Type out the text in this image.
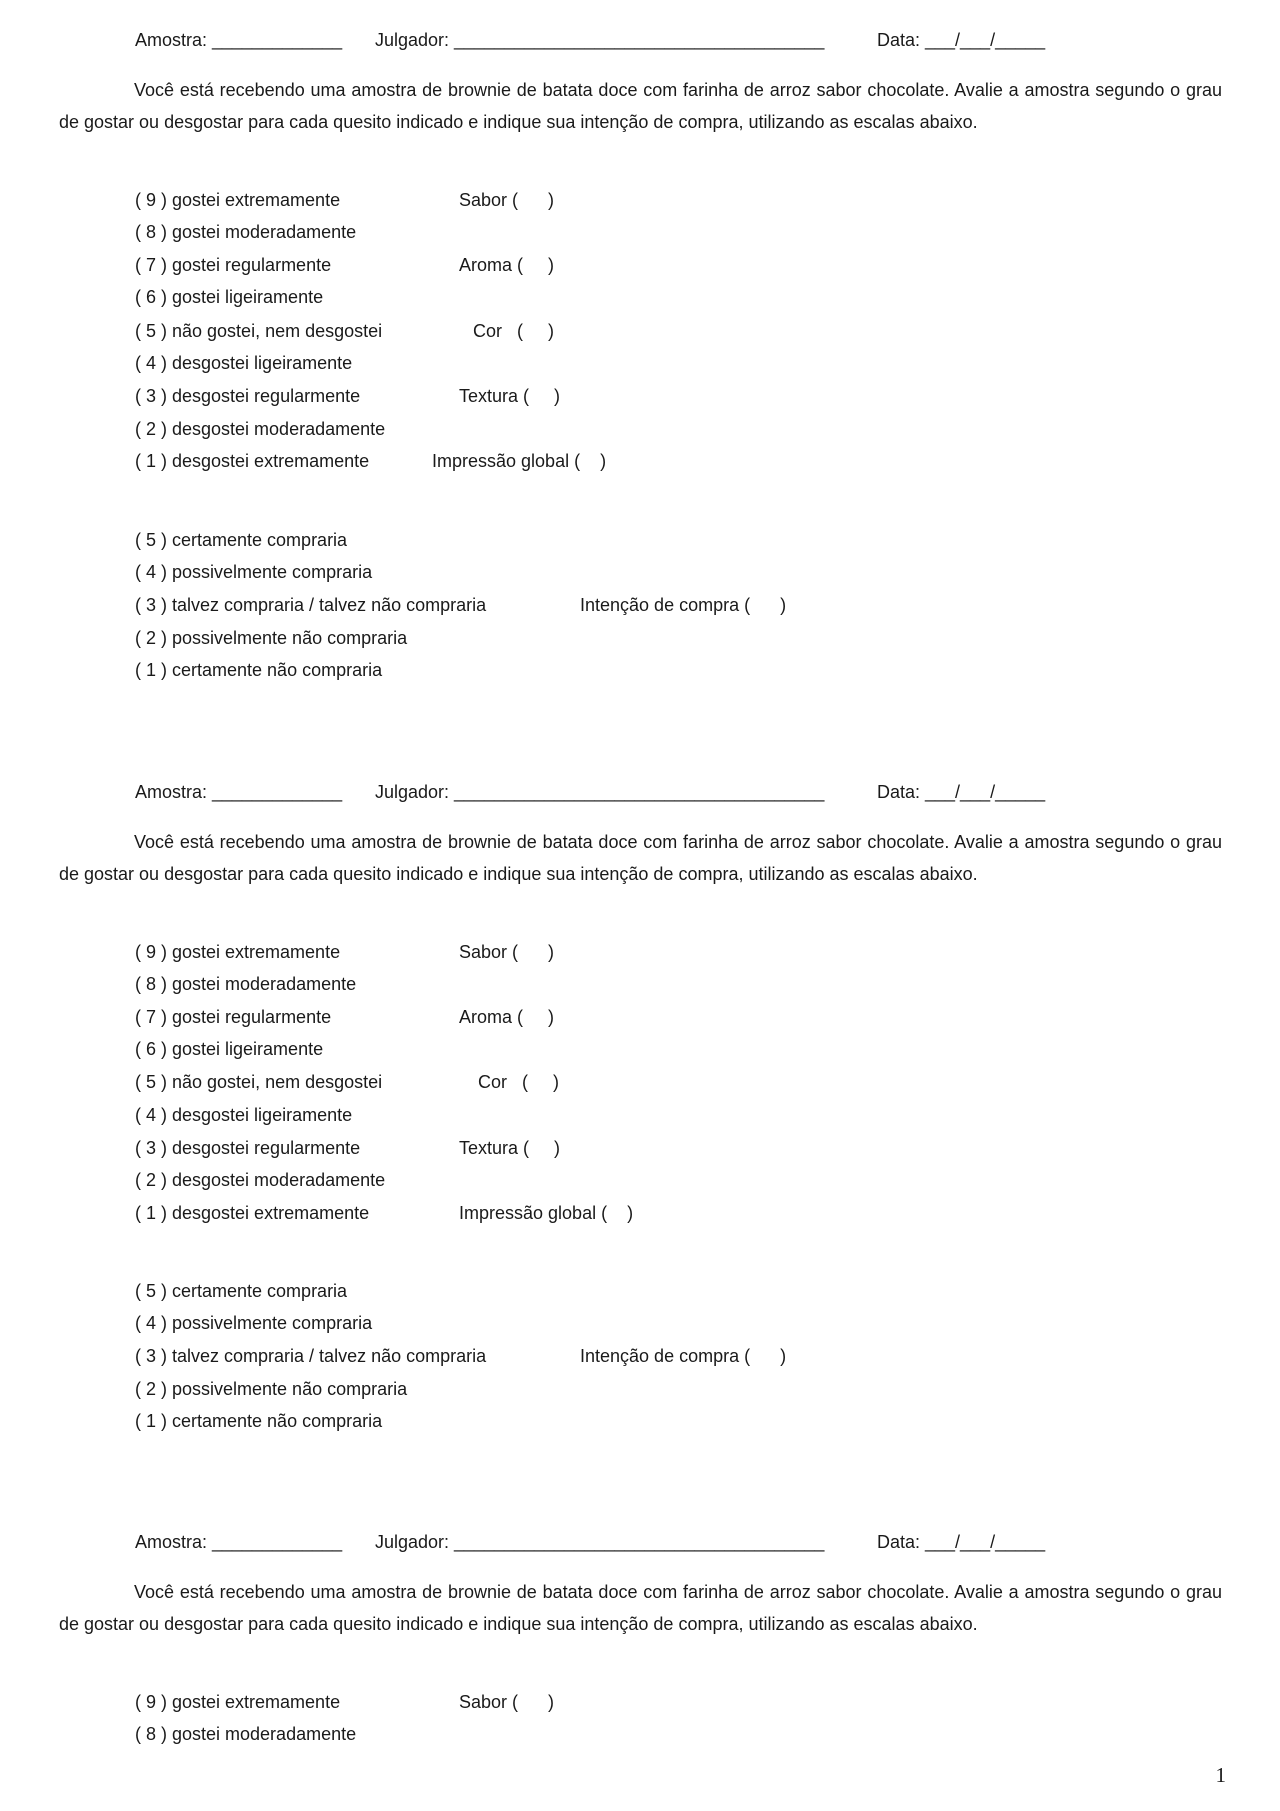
Amostra: _____________ Julgador: _____________________________________	Data: ___/___/_____
Você está recebendo uma amostra de brownie de batata doce com farinha de arroz sabor chocolate. Avalie a amostra segundo o grau de gostar ou desgostar para cada quesito indicado e indique sua intenção de compra, utilizando as escalas abaixo.
( 9 ) gostei extremamente
( 8 ) gostei moderadamente
( 7 ) gostei regularmente
( 6 ) gostei ligeiramente
( 5 ) não gostei, nem desgostei
( 4 ) desgostei ligeiramente
( 3 ) desgostei regularmente
( 2 ) desgostei moderadamente
( 1 ) desgostei extremamente
Sabor (      )
Aroma (     )
Cor   (     )
Textura (     )
Impressão global (    )
( 5 ) certamente compraria
( 4 ) possivelmente compraria
( 3 ) talvez compraria / talvez não compraria
( 2 ) possivelmente não compraria
( 1 ) certamente não compraria
Intenção de compra (      )
Amostra: _____________ Julgador: _____________________________________	Data: ___/___/_____
Você está recebendo uma amostra de brownie de batata doce com farinha de arroz sabor chocolate. Avalie a amostra segundo o grau de gostar ou desgostar para cada quesito indicado e indique sua intenção de compra, utilizando as escalas abaixo.
( 9 ) gostei extremamente
( 8 ) gostei moderadamente
( 7 ) gostei regularmente
( 6 ) gostei ligeiramente
( 5 ) não gostei, nem desgostei
( 4 ) desgostei ligeiramente
( 3 ) desgostei regularmente
( 2 ) desgostei moderadamente
( 1 ) desgostei extremamente
Sabor (      )
Aroma (     )
Cor   (     )
Textura (     )
Impressão global (    )
( 5 ) certamente compraria
( 4 ) possivelmente compraria
( 3 ) talvez compraria / talvez não compraria
( 2 ) possivelmente não compraria
( 1 ) certamente não compraria
Intenção de compra (      )
Amostra: _____________ Julgador: _____________________________________	Data: ___/___/_____
Você está recebendo uma amostra de brownie de batata doce com farinha de arroz sabor chocolate. Avalie a amostra segundo o grau de gostar ou desgostar para cada quesito indicado e indique sua intenção de compra, utilizando as escalas abaixo.
( 9 ) gostei extremamente
( 8 ) gostei moderadamente
Sabor (      )
1
